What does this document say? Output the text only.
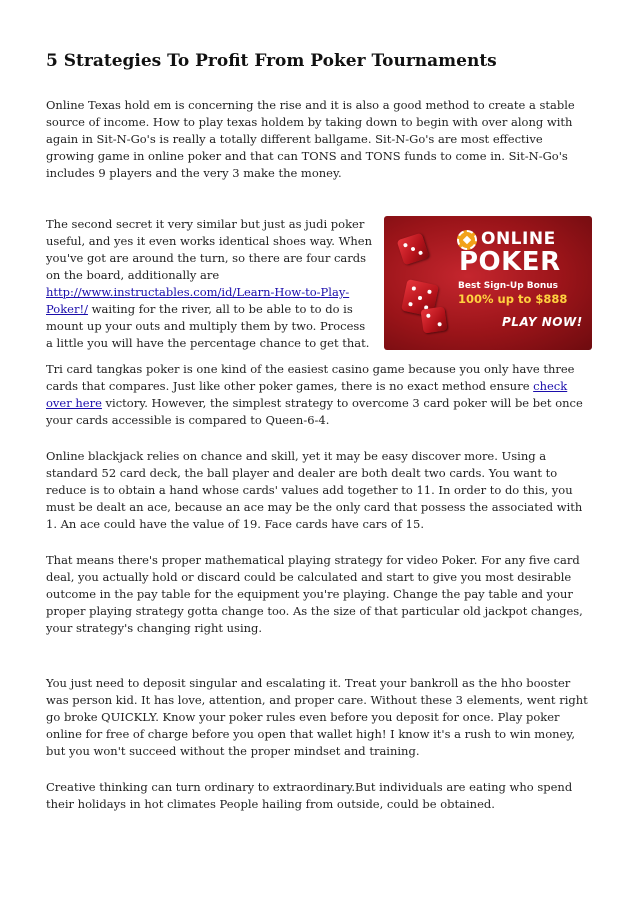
5 Strategies To Profit From Poker Tournaments

Online Texas hold em is concerning the rise and it is also a good method to create a stable source of income. How to play texas holdem by taking down to begin with over along with again in Sit-N-Go's is really a totally different ballgame. Sit-N-Go's are most effective growing game in online poker and that can TONS and TONS funds to come in. Sit-N-Go's includes 9 players and the very 3 make the money.

The second secret it very similar but just as judi poker useful, and yes it even works identical shoes way. When you've got are around the turn, so there are four cards on the board, additionally are http://www.instructables.com/id/Learn-How-to-Play-Poker!/ waiting for the river, all to be able to to do is mount up your outs and multiply them by two. Process a little you will have the percentage chance to get that.

ONLINE
POKER
Best Sign-Up Bonus
100% up to $888
PLAY NOW!

Tri card tangkas poker is one kind of the easiest casino game because you only have three cards that compares. Just like other poker games, there is no exact method ensure check over here victory. However, the simplest strategy to overcome 3 card poker will be bet once your cards accessible is compared to Queen-6-4.

Online blackjack relies on chance and skill, yet it may be easy discover more. Using a standard 52 card deck, the ball player and dealer are both dealt two cards. You want to reduce is to obtain a hand whose cards' values add together to 11. In order to do this, you must be dealt an ace, because an ace may be the only card that possess the associated with 1. An ace could have the value of 19. Face cards have cars of 15.

That means there's proper mathematical playing strategy for video Poker. For any five card deal, you actually hold or discard could be calculated and start to give you most desirable outcome in the pay table for the equipment you're playing. Change the pay table and your proper playing strategy gotta change too. As the size of that particular old jackpot changes, your strategy's changing right using.

You just need to deposit singular and escalating it. Treat your bankroll as the hho booster was person kid. It has love, attention, and proper care. Without these 3 elements, went right go broke QUICKLY. Know your poker rules even before you deposit for once. Play poker online for free of charge before you open that wallet high! I know it's a rush to win money, but you won't succeed without the proper mindset and training.

Creative thinking can turn ordinary to extraordinary.But individuals are eating who spend their holidays in hot climates People hailing from outside, could be obtained.
